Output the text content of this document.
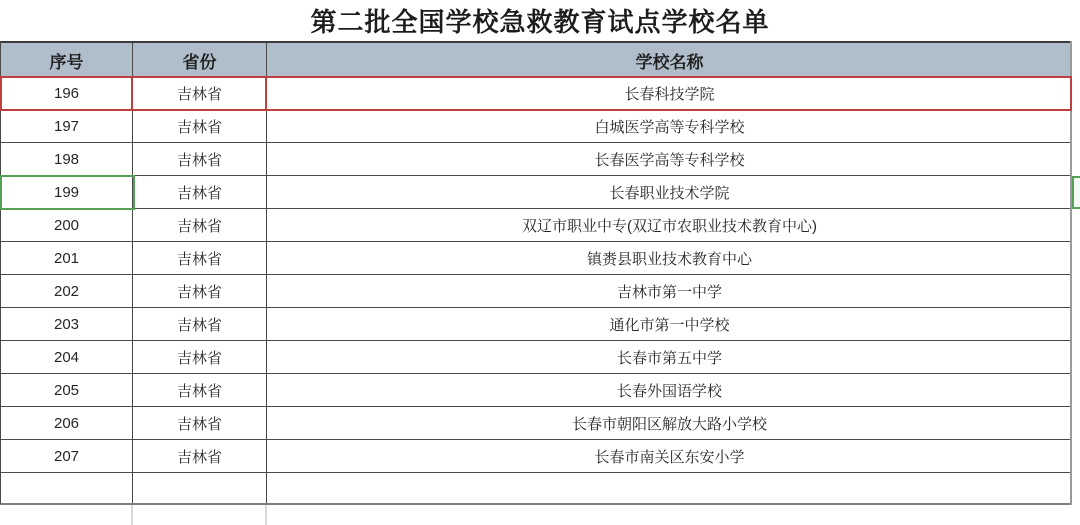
第二批全国学校急救教育试点学校名单
序号	省份	学校名称
196	吉林省	长春科技学院
197	吉林省	白城医学高等专科学校
198	吉林省	长春医学高等专科学校
199	吉林省	长春职业技术学院
200	吉林省	双辽市职业中专(双辽市农职业技术教育中心)
201	吉林省	镇赉县职业技术教育中心
202	吉林省	吉林市第一中学
203	吉林省	通化市第一中学校
204	吉林省	长春市第五中学
205	吉林省	长春外国语学校
206	吉林省	长春市朝阳区解放大路小学校
207	吉林省	长春市南关区东安小学
